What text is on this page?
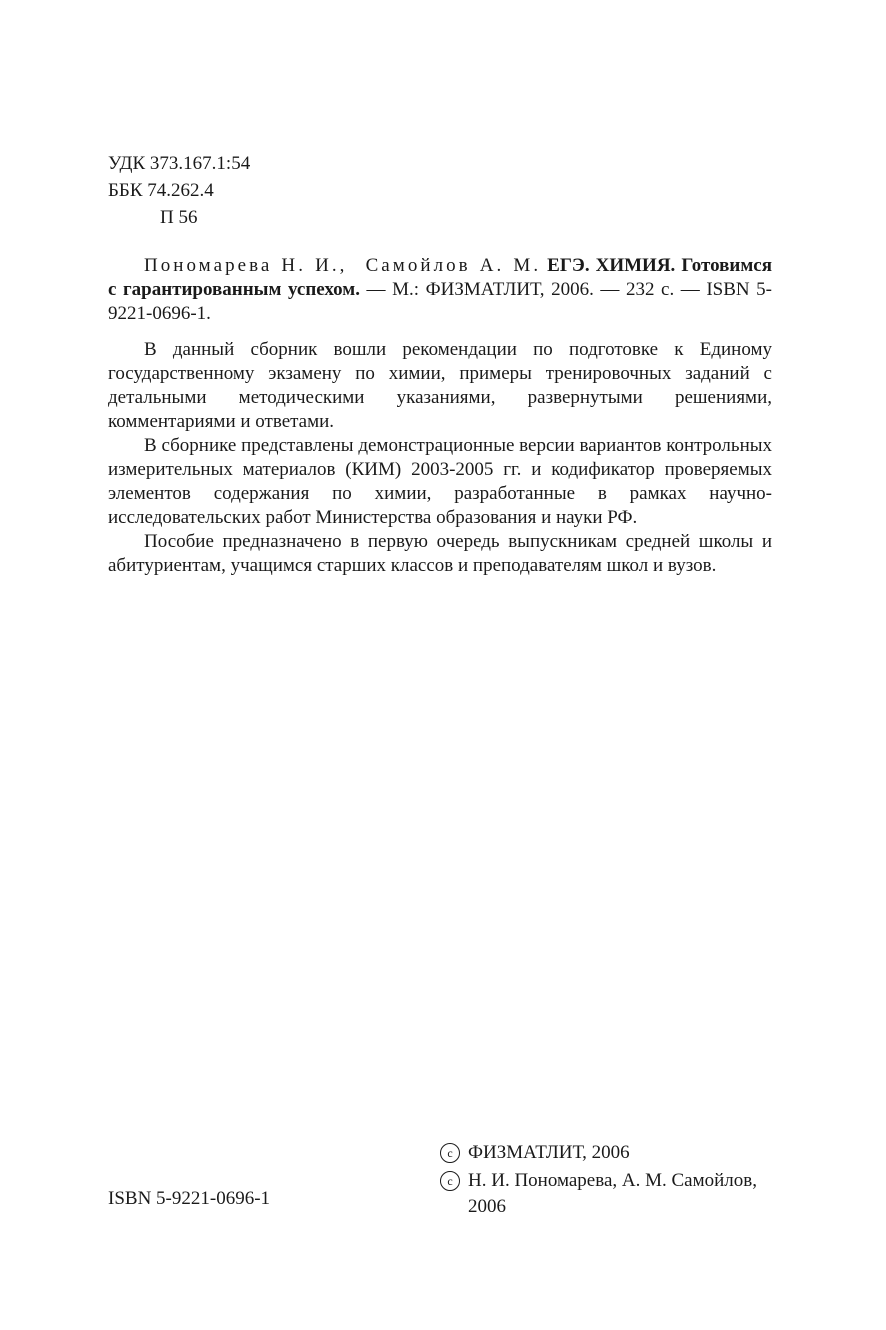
УДК 373.167.1:54
ББК 74.262.4
П 56

Пономарева Н. И., Самойлов А. М. ЕГЭ. ХИМИЯ. Готовимся с гарантированным успехом. — М.: ФИЗМАТЛИТ, 2006. — 232 с. — ISBN 5-9221-0696-1.

В данный сборник вошли рекомендации по подготовке к Единому государственному экзамену по химии, примеры тренировочных заданий с детальными методическими указаниями, развернутыми решениями, комментариями и ответами.

В сборнике представлены демонстрационные версии вариантов контрольных измерительных материалов (КИМ) 2003-2005 гг. и кодификатор проверяемых элементов содержания по химии, разработанные в рамках научно-исследовательских работ Министерства образования и науки РФ.

Пособие предназначено в первую очередь выпускникам средней школы и абитуриентам, учащимся старших классов и преподавателям школ и вузов.

ISBN 5-9221-0696-1
c ФИЗМАТЛИТ, 2006
c Н. И. Пономарева, А. М. Самойлов, 2006
